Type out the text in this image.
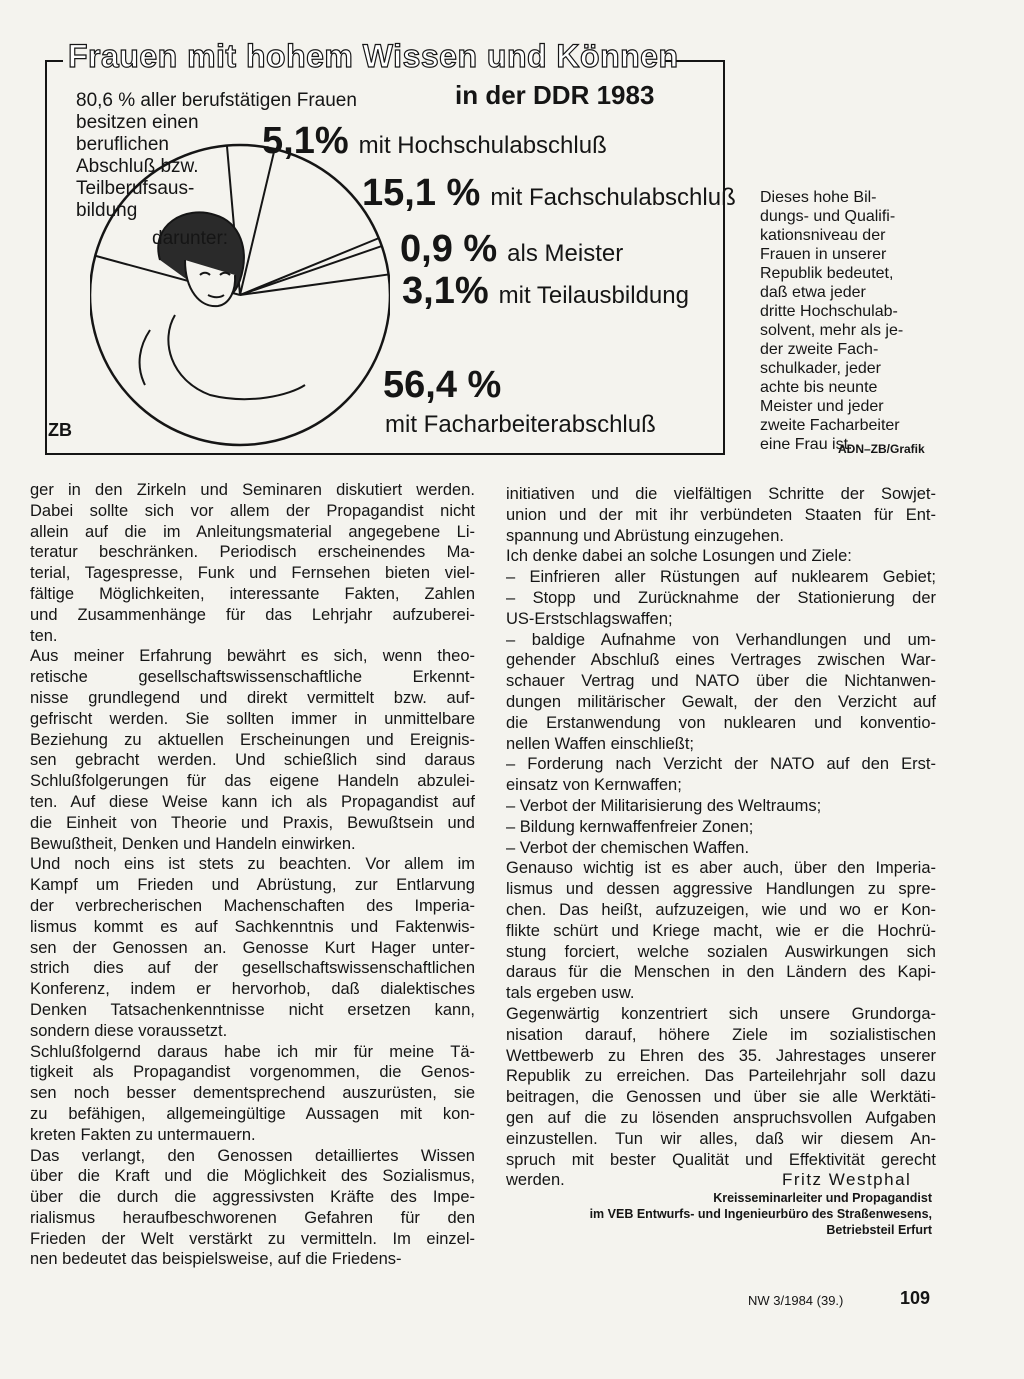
Frauen mit hohem Wissen und Können
in der DDR 1983
80,6 % aller berufstätigen Frauen
besitzen einen
beruflichen
Abschluß bzw.
Teilberufsaus-
bildung
darunter:
5,1% mit Hochschulabschluß
15,1 % mit Fachschulabschluß
0,9 % als Meister
3,1% mit Teilausbildung
56,4 %
mit Facharbeiterabschluß
ZB
Dieses hohe Bil-
dungs- und Qualifi-
kationsniveau der
Frauen in unserer
Republik bedeutet,
daß etwa jeder
dritte Hochschulab-
solvent, mehr als je-
der zweite Fach-
schulkader, jeder
achte bis neunte
Meister und jeder
zweite Facharbeiter
eine Frau ist.
ADN–ZB/Grafik
ger in den Zirkeln und Seminaren diskutiert werden.
Dabei sollte sich vor allem der Propagandist nicht
allein auf die im Anleitungsmaterial angegebene Li-
teratur beschränken. Periodisch erscheinendes Ma-
terial, Tagespresse, Funk und Fernsehen bieten viel-
fältige Möglichkeiten, interessante Fakten, Zahlen
und Zusammenhänge für das Lehrjahr aufzuberei-
ten.
Aus meiner Erfahrung bewährt es sich, wenn theo-
retische gesellschaftswissenschaftliche Erkennt-
nisse grundlegend und direkt vermittelt bzw. auf-
gefrischt werden. Sie sollten immer in unmittelbare
Beziehung zu aktuellen Erscheinungen und Ereignis-
sen gebracht werden. Und schießlich sind daraus
Schlußfolgerungen für das eigene Handeln abzulei-
ten. Auf diese Weise kann ich als Propagandist auf
die Einheit von Theorie und Praxis, Bewußtsein und
Bewußtheit, Denken und Handeln einwirken.
Und noch eins ist stets zu beachten. Vor allem im
Kampf um Frieden und Abrüstung, zur Entlarvung
der verbrecherischen Machenschaften des Imperia-
lismus kommt es auf Sachkenntnis und Faktenwis-
sen der Genossen an. Genosse Kurt Hager unter-
strich dies auf der gesellschaftswissenschaftlichen
Konferenz, indem er hervorhob, daß dialektisches
Denken Tatsachenkenntnisse nicht ersetzen kann,
sondern diese voraussetzt.
Schlußfolgernd daraus habe ich mir für meine Tä-
tigkeit als Propagandist vorgenommen, die Genos-
sen noch besser dementsprechend auszurüsten, sie
zu befähigen, allgemeingültige Aussagen mit kon-
kreten Fakten zu untermauern.
Das verlangt, den Genossen detailliertes Wissen
über die Kraft und die Möglichkeit des Sozialismus,
über die durch die aggressivsten Kräfte des Impe-
rialismus heraufbeschworenen Gefahren für den
Frieden der Welt verstärkt zu vermitteln. Im einzel-
nen bedeutet das beispielsweise, auf die Friedens-
initiativen und die vielfältigen Schritte der Sowjet-
union und der mit ihr verbündeten Staaten für Ent-
spannung und Abrüstung einzugehen.
Ich denke dabei an solche Losungen und Ziele:
– Einfrieren aller Rüstungen auf nuklearem Gebiet;
– Stopp und Zurücknahme der Stationierung der
US-Erstschlagswaffen;
– baldige Aufnahme von Verhandlungen und um-
gehender Abschluß eines Vertrages zwischen War-
schauer Vertrag und NATO über die Nichtanwen-
dungen militärischer Gewalt, der den Verzicht auf
die Erstanwendung von nuklearen und konventio-
nellen Waffen einschließt;
– Forderung nach Verzicht der NATO auf den Erst-
einsatz von Kernwaffen;
– Verbot der Militarisierung des Weltraums;
– Bildung kernwaffenfreier Zonen;
– Verbot der chemischen Waffen.
Genauso wichtig ist es aber auch, über den Imperia-
lismus und dessen aggressive Handlungen zu spre-
chen. Das heißt, aufzuzeigen, wie und wo er Kon-
flikte schürt und Kriege macht, wie er die Hochrü-
stung forciert, welche sozialen Auswirkungen sich
daraus für die Menschen in den Ländern des Kapi-
tals ergeben usw.
Gegenwärtig konzentriert sich unsere Grundorga-
nisation darauf, höhere Ziele im sozialistischen
Wettbewerb zu Ehren des 35. Jahrestages unserer
Republik zu erreichen. Das Parteilehrjahr soll dazu
beitragen, die Genossen und über sie alle Werktäti-
gen auf die zu lösenden anspruchsvollen Aufgaben
einzustellen. Tun wir alles, daß wir diesem An-
spruch mit bester Qualität und Effektivität gerecht
werden.	Fritz Westphal
Kreisseminarleiter und Propagandist
im VEB Entwurfs- und Ingenieurbüro des Straßenwesens,
Betriebsteil Erfurt
NW 3/1984 (39.)	109
